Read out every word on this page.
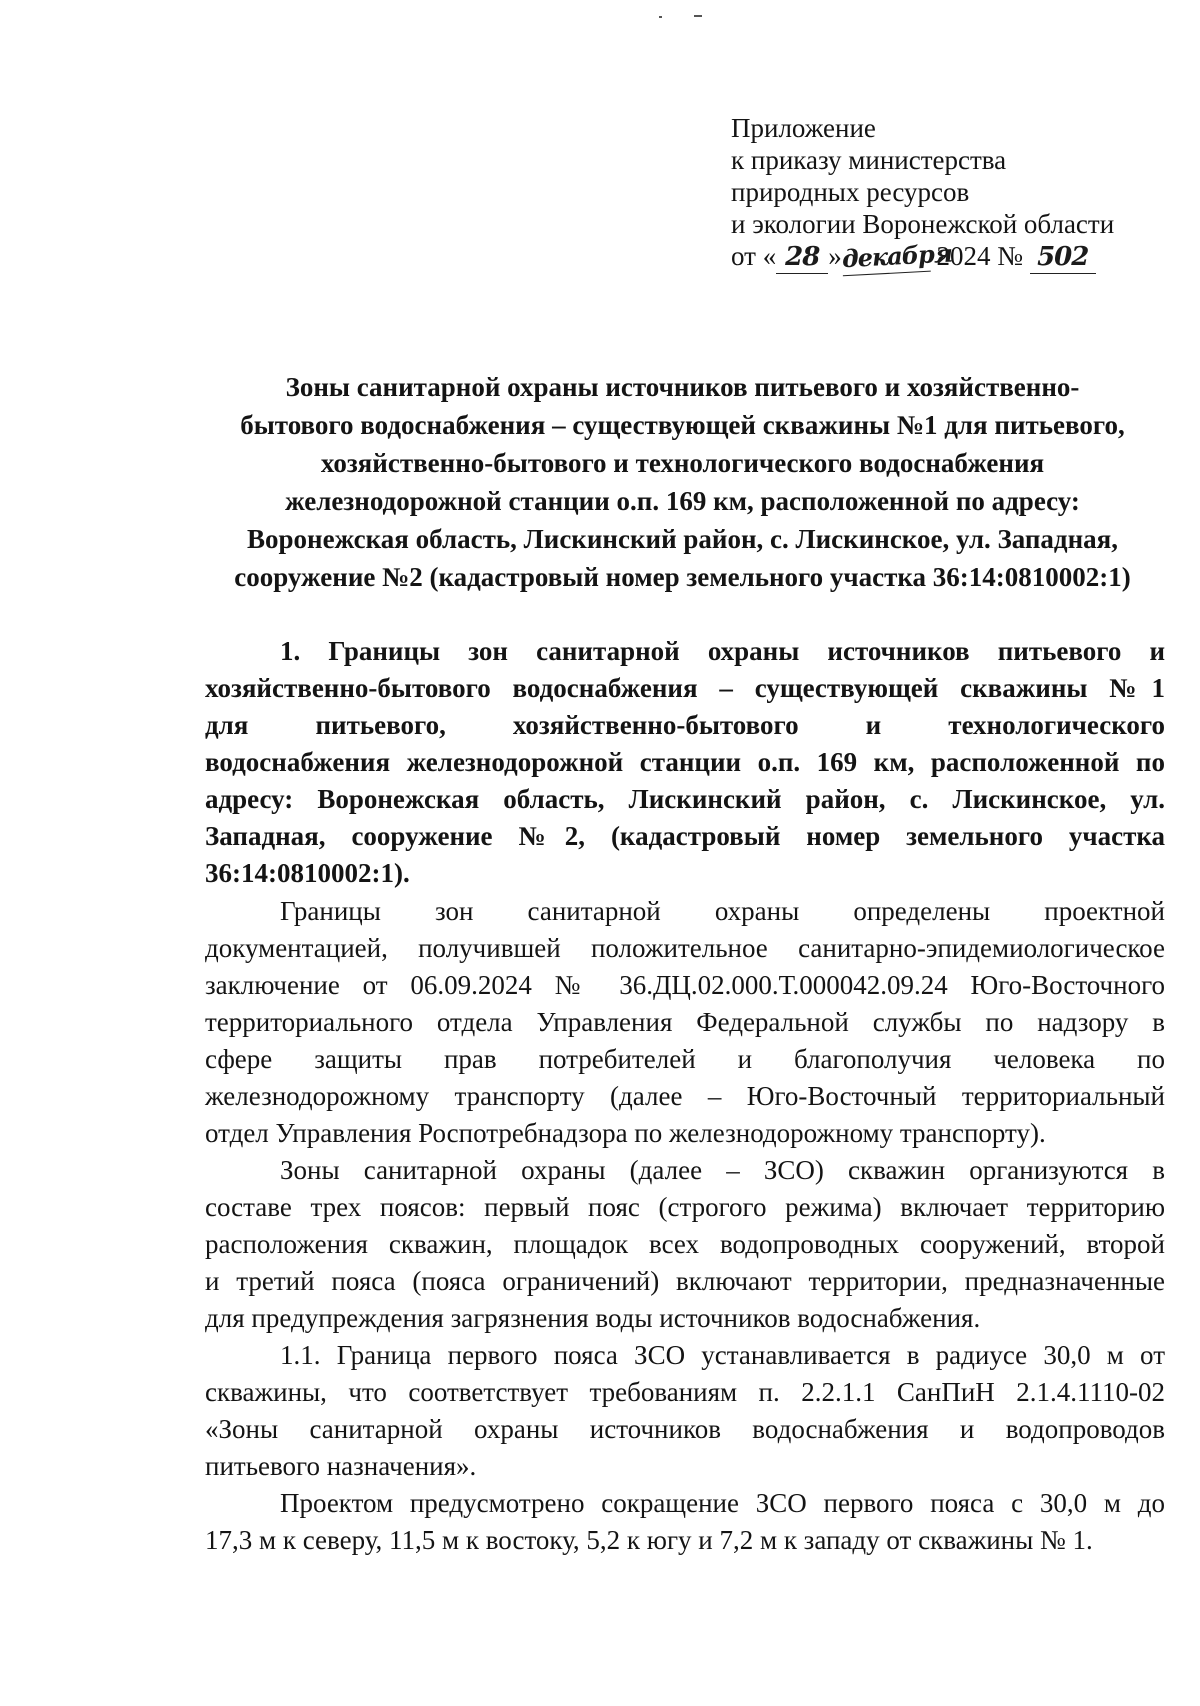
Приложение
к приказу министерства
природных ресурсов
и экологии Воронежской области
от « 28 »декабря 2024 № 502
Зоны санитарной охраны источников питьевого и хозяйственно-
бытового водоснабжения – существующей скважины №1 для питьевого,
хозяйственно-бытового и технологического водоснабжения
железнодорожной станции о.п. 169 км, расположенной по адресу:
Воронежская область, Лискинский район, с. Лискинское, ул. Западная,
сооружение №2 (кадастровый номер земельного участка 36:14:0810002:1)
1. Границы зон санитарной охраны источников питьевого и
хозяйственно-бытового водоснабжения – существующей скважины №1
для питьевого, хозяйственно-бытового и технологического
водоснабжения железнодорожной станции о.п. 169 км, расположенной по
адресу: Воронежская область, Лискинский район, с. Лискинское, ул.
Западная, сооружение №2, (кадастровый номер земельного участка
36:14:0810002:1).
Границы зон санитарной охраны определены проектной
документацией, получившей положительное санитарно-эпидемиологическое
заключение от 06.09.2024 № 36.ДЦ.02.000.Т.000042.09.24 Юго-Восточного
территориального отдела Управления Федеральной службы по надзору в
сфере защиты прав потребителей и благополучия человека по
железнодорожному транспорту (далее – Юго-Восточный территориальный
отдел Управления Роспотребнадзора по железнодорожному транспорту).
Зоны санитарной охраны (далее – ЗСО) скважин организуются в
составе трех поясов: первый пояс (строгого режима) включает территорию
расположения скважин, площадок всех водопроводных сооружений, второй
и третий пояса (пояса ограничений) включают территории, предназначенные
для предупреждения загрязнения воды источников водоснабжения.
1.1. Граница первого пояса ЗСО устанавливается в радиусе 30,0 м от
скважины, что соответствует требованиям п. 2.2.1.1 СанПиН 2.1.4.1110-02
«Зоны санитарной охраны источников водоснабжения и водопроводов
питьевого назначения».
Проектом предусмотрено сокращение ЗСО первого пояса с 30,0 м до
17,3 м к северу, 11,5 м к востоку, 5,2 к югу и 7,2 м к западу от скважины № 1.
